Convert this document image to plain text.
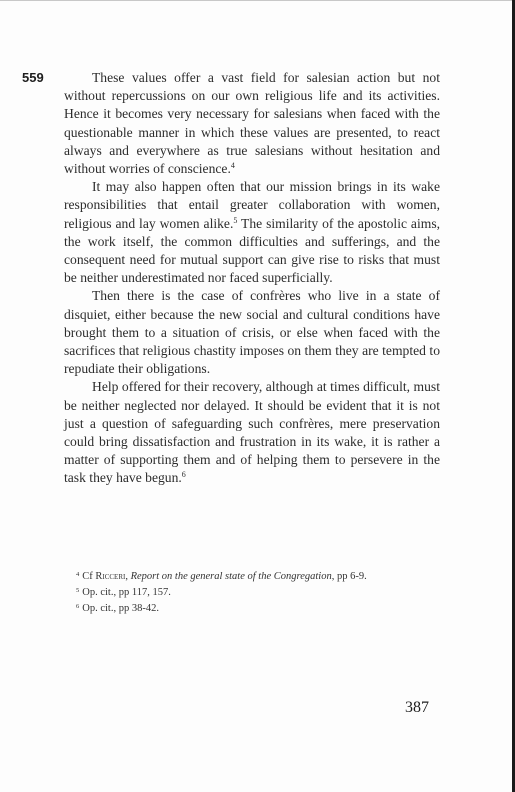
559	These values offer a vast field for salesian action but not without repercussions on our own religious life and its activities. Hence it becomes very necessary for salesians when faced with the questionable manner in which these values are presented, to react always and everywhere as true salesians without hesitation and without worries of conscience.$^4$

It may also happen often that our mission brings in its wake responsibilities that entail greater collaboration with women, religious and lay women alike.$^5$ The similarity of the apostolic aims, the work itself, the common difficulties and sufferings, and the consequent need for mutual support can give rise to risks that must be neither underestimated nor faced superficially.

Then there is the case of confrères who live in a state of disquiet, either because the new social and cultural conditions have brought them to a situation of crisis, or else when faced with the sacrifices that religious chastity imposes on them they are tempted to repudiate their obligations.

Help offered for their recovery, although at times difficult, must be neither neglected nor delayed. It should be evident that it is not just a question of safeguarding such confrères, mere preservation could bring dissatisfaction and frustration in its wake, it is rather a matter of supporting them and of helping them to persevere in the task they have begun.$^6$

$^4$ Cf Ricceri, Report on the general state of the Congregation, pp 6-9.

$^5$ Op. cit., pp 117, 157.

$^6$ Op. cit., pp 38-42.

387
